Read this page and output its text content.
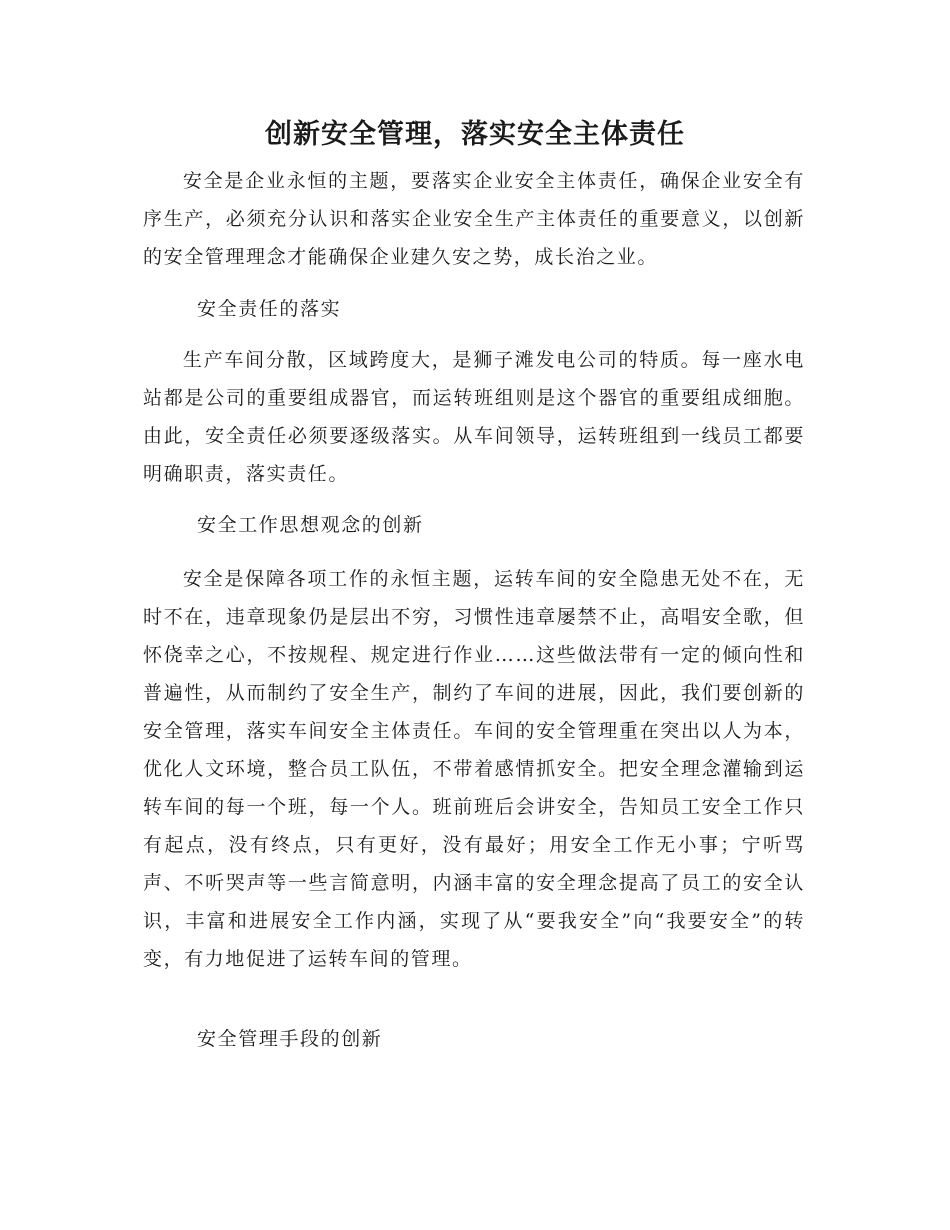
创新安全管理，落实安全主体责任

安全是企业永恒的主题，要落实企业安全主体责任，确保企业安全有序生产，必须充分认识和落实企业安全生产主体责任的重要意义，以创新的安全管理理念才能确保企业建久安之势，成长治之业。

安全责任的落实

生产车间分散，区域跨度大，是狮子滩发电公司的特质。每一座水电站都是公司的重要组成器官，而运转班组则是这个器官的重要组成细胞。由此，安全责任必须要逐级落实。从车间领导，运转班组到一线员工都要明确职责，落实责任。

安全工作思想观念的创新

安全是保障各项工作的永恒主题，运转车间的安全隐患无处不在，无时不在，违章现象仍是层出不穷，习惯性违章屡禁不止，高唱安全歌，但怀侥幸之心，不按规程、规定进行作业……这些做法带有一定的倾向性和普遍性，从而制约了安全生产，制约了车间的进展，因此，我们要创新的安全管理，落实车间安全主体责任。车间的安全管理重在突出以人为本，优化人文环境，整合员工队伍，不带着感情抓安全。把安全理念灌输到运转车间的每一个班，每一个人。班前班后会讲安全，告知员工安全工作只有起点，没有终点，只有更好，没有最好；用安全工作无小事；宁听骂声、不听哭声等一些言简意明，内涵丰富的安全理念提高了员工的安全认识，丰富和进展安全工作内涵，实现了从“要我安全”向“我要安全”的转变，有力地促进了运转车间的管理。

安全管理手段的创新
